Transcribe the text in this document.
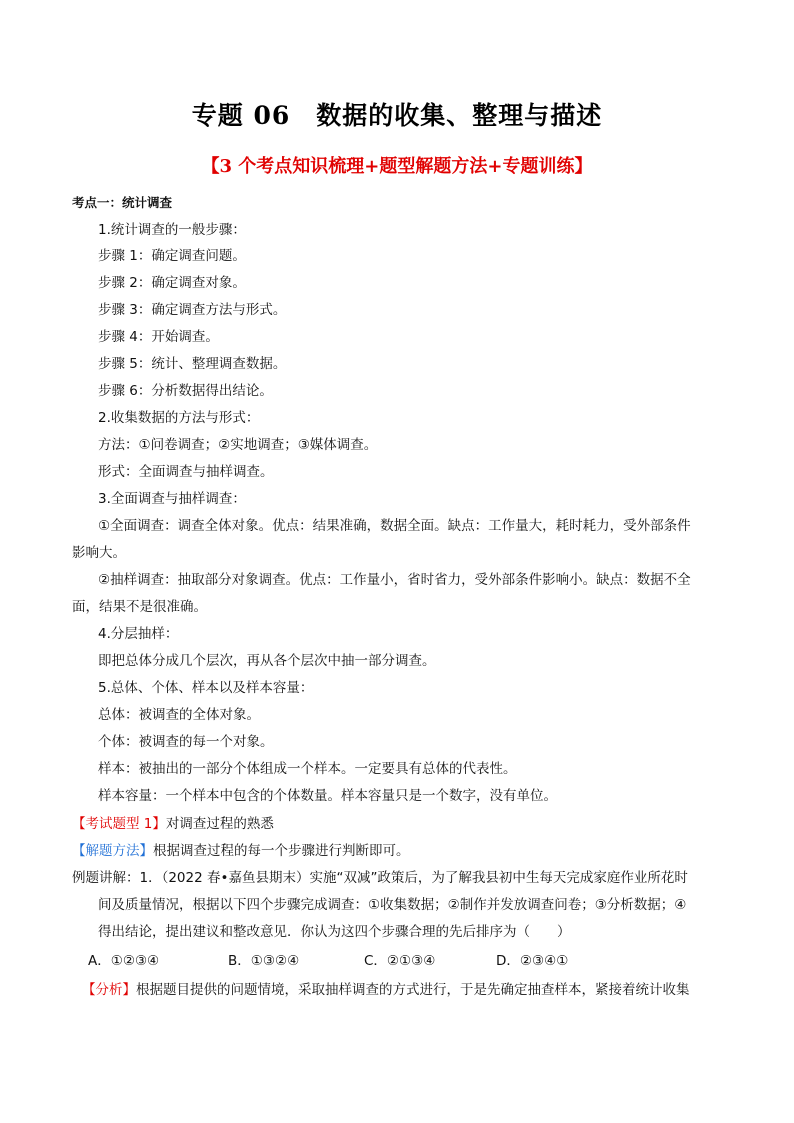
专题 06　数据的收集、整理与描述
【3 个考点知识梳理+题型解题方法+专题训练】
考点一：统计调查
1.统计调查的一般步骤：
步骤 1：确定调查问题。
步骤 2：确定调查对象。
步骤 3：确定调查方法与形式。
步骤 4：开始调查。
步骤 5：统计、整理调查数据。
步骤 6：分析数据得出结论。
2.收集数据的方法与形式：
方法：①问卷调查；②实地调查；③媒体调查。
形式：全面调查与抽样调查。
3.全面调查与抽样调查：
①全面调查：调查全体对象。优点：结果准确，数据全面。缺点：工作量大，耗时耗力，受外部条件
影响大。
②抽样调查：抽取部分对象调查。优点：工作量小，省时省力，受外部条件影响小。缺点：数据不全
面，结果不是很准确。
4.分层抽样：
即把总体分成几个层次，再从各个层次中抽一部分调查。
5.总体、个体、样本以及样本容量：
总体：被调查的全体对象。
个体：被调查的每一个对象。
样本：被抽出的一部分个体组成一个样本。一定要具有总体的代表性。
样本容量：一个样本中包含的个体数量。样本容量只是一个数字，没有单位。
【考试题型 1】对调查过程的熟悉
【解题方法】根据调查过程的每一个步骤进行判断即可。
例题讲解：1．（2022 春•嘉鱼县期末）实施“双减”政策后，为了解我县初中生每天完成家庭作业所花时
间及质量情况，根据以下四个步骤完成调查：①收集数据；②制作并发放调查问卷；③分析数据；④
得出结论，提出建议和整改意见．你认为这四个步骤合理的先后排序为（　　）
A．①②③④	B．①③②④	C．②①③④	D．②③④①
【分析】根据题目提供的问题情境，采取抽样调查的方式进行，于是先确定抽查样本，紧接着统计收集
